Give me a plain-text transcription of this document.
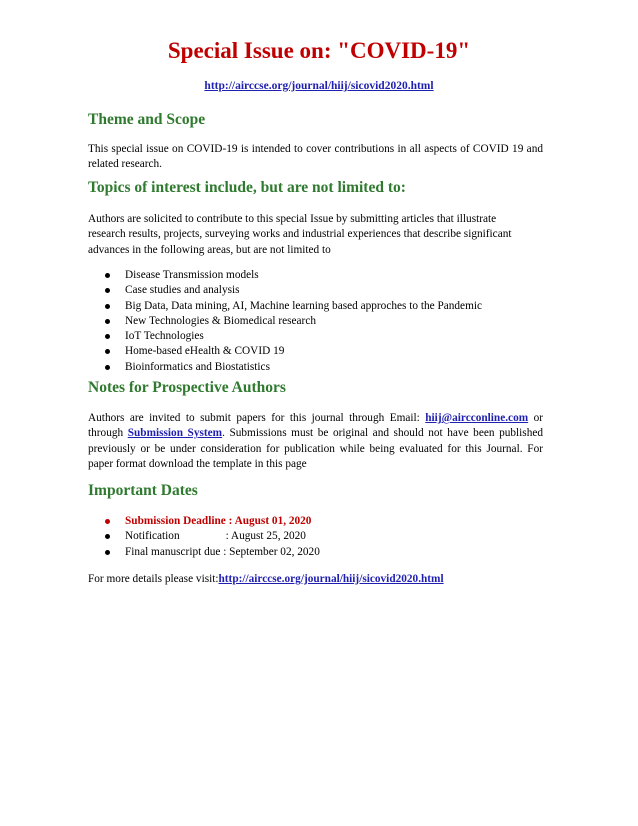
Special Issue on: "COVID-19"
http://airccse.org/journal/hiij/sicovid2020.html
Theme and Scope

This special issue on COVID-19 is intended to cover contributions in all aspects of COVID 19 and related research.

Topics of interest include, but are not limited to:

Authors are solicited to contribute to this special Issue by submitting articles that illustrate
research results, projects, surveying works and industrial experiences that describe significant
advances in the following areas, but are not limited to

Disease Transmission models
Case studies and analysis
Big Data, Data mining, AI, Machine learning based approches to the Pandemic
New Technologies & Biomedical research
IoT Technologies
Home-based eHealth & COVID 19
Bioinformatics and Biostatistics
Notes for Prospective Authors

Authors are invited to submit papers for this journal through Email: hiij@aircconline.com or through Submission System. Submissions must be original and should not have been published previously or be under consideration for publication while being evaluated for this Journal. For paper format download the template in this page

Important Dates
Submission Deadline : August 01, 2020
Notification	: August 25, 2020
Final manuscript due : September 02, 2020

For more details please visit:http://airccse.org/journal/hiij/sicovid2020.html
